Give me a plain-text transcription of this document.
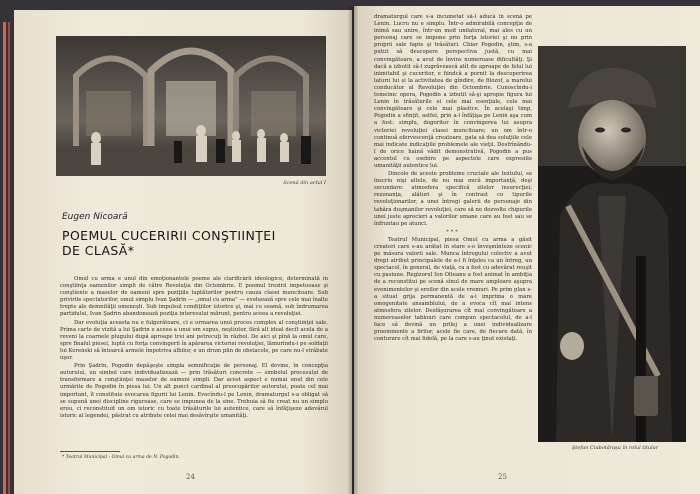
Scenă din actul I
Eugen Nicoară
POEMUL CUCERIRII CONŞTIINŢEI DE CLASĂ*

Omul cu arma e unul din emoţionantele poeme ale clarificării ideologice, determinată în conştiinţa oamenilor simpli de către Revoluţia din Octombrie. E poemul trezirii impetuoase şi conştiente a maselor de oameni spre poziţiile luptătorilor pentru cauza clasei muncitoare. Sub privirile spectatorilor, omul simplu Ivan Şadrin — „omul cu arma” — evoluează spre cele mai înalte trepte ale demnităţii omeneşti. Sub impulsul condiţiilor istorice şi, mai cu seamă, sub îndrumarea partidului, Ivan Şadrin abandonează poziţia interesului mărunt, pentru aceea a revoluţiei.

Dar evoluţia aceasta nu e fulgerătoare, ci e urmarea unui proces complex al conştiinţei sale. Prima carte de vizită a lui Şadrin e aceea a unui om supus, neştiutor, fără alt ideal decît acela de a reveni la coarnele plugului după aproape trei ani petrecuţi în război. De aici şi pînă la omul care, spre finalul piesei, luptă cu forţa convingerii în apărarea victoriei revoluţiei, lămurindu-i pe soldaţii lui Kerenski să întoarcă armele împotriva albilor, e un drum plin de obstacole, pe care nu-l străbate uşor.

Prin Şadrin, Pogodin depăşeşte simpla semnificaţie de personaj. El devine, în concepţia autorului, un simbol care individualizează — prin trăsături concrete — simbolul procesului de transformare a conştiinţei maselor de oameni simpli. Dar acest aspect e numai unul din cele urmărite de Pogodin în piesa lui. Un alt punct cardinal al preocupărilor autorului, poate cel mai important, îl constituie evocarea figurii lui Lenin. Evocîndu-l pe Lenin, dramaturgul s-a obligat să se supună unei discipline riguroase, care se impunea de la sine. Trebuia să fie creat nu un simplu erou, ci reconstituit un om istoric cu toate trăsăturile lui autentice, care să înfăţişeze adevărul istoric al legendei, păstrat cu atribute celei mai desăvîrşite umanităţi.

* Teatrul Municipal : Omul cu arma de N. Pogodin.
24

dramaturgul care s-a încumetat să-l aducă în scenă pe Lenin. Lucru nu e simplu. Într-o admirabilă concepţie de inimă sau unire, într-un mod unilateral, mai ales cu un personaj care se impune prin forţa istoriei şi nu prin proprii sale fapte şi trăsături. Chiar Pogodin, ştim, s-a putut să descopere perspectiva justă, cu mai convingătoare, a avut de învins numeroase dificultăţi. Şi dacă a izbutit să-l zugrăvească atît de aproape de felul lui inimitabil şi cuceritor, e fiindcă a pornit la descoperirea laturii lui și la activitatea de gîndire, de filozof, a marelui conducător al Revoluţiei din Octombrie. Cunoscîndu-i temeinic opera, Pogodin a izbutit să-şi apropie figura lui Lenin în trăsăturile ei cele mai esenţiale, cele mai convingătoare şi cele mai plastice. În acelaşi timp, Pogodin a sfinţit, astfel, prin a-l înfăţişa pe Lenin aşa cum a fost: simplu, dogoritor în convingerea lui asupra victoriei revoluţiei clasei muncitoare; un om într-o continuă efervescenţă creatoare, gata să dea soluţiile cele mai indicate indicaţiile problemele ale vieţii. Desfrînăndu-l de orice haină vădit demonstrativă, Pogodin a pus accentul cu osebire pe aspectele care expresiile umanităţii autentice lui.

Dincolo de aceste probleme cruciale ale textului, se înscriu nişi altele, de nu mai mică importanţă, deşi secundare: atmosfera specifică zilelor insurecţiei; rezonanţa, alături şi în contrast cu tipurile revoluţionarilor, a unei întregi galerii de personaje din tabăra duşmanilor revoluţiei, care să ne dezvolte chipurile unei juste aprecieri a valorilor umane care au fost sau se înfruntau pe atunci.

***

Teatrul Municipal, piesa Omul cu arma a găsit creatori care s-au arătat în stare s-o înveşmînteze scenic pe măsura valorii sale. Munca întregului colectiv a avut drept atribut principalele de a-l fi înţeles ca un întreg, un spectacol, în general, de viaţă, ca a fost cu adevărat reuşit cu pasiune. Regizorul Ion Olteanu a fost animat în ambiţia de a reconstitui pe scenă sînul de mare amploare aşupra evenimentelor şi eroilor din acele vremuri. Pe prim plan s-a situat grija permanentă de a-i imprima o mare omogenitate ansamblului, de a evoca cît mai intens atmosfera zilelor. Desfăşurarea cît mai convingătoare a numeroaselor tablouri care compun spectacolul, de a-l face să devină un prilej a unei individualizare proeminente a firilor, acele fie care, de fiecare dată, în conturare cît mai fidelă, pe la care s-au ţinut existaţi.

Ştefan Ciubotăraşu în rolul titular
25
